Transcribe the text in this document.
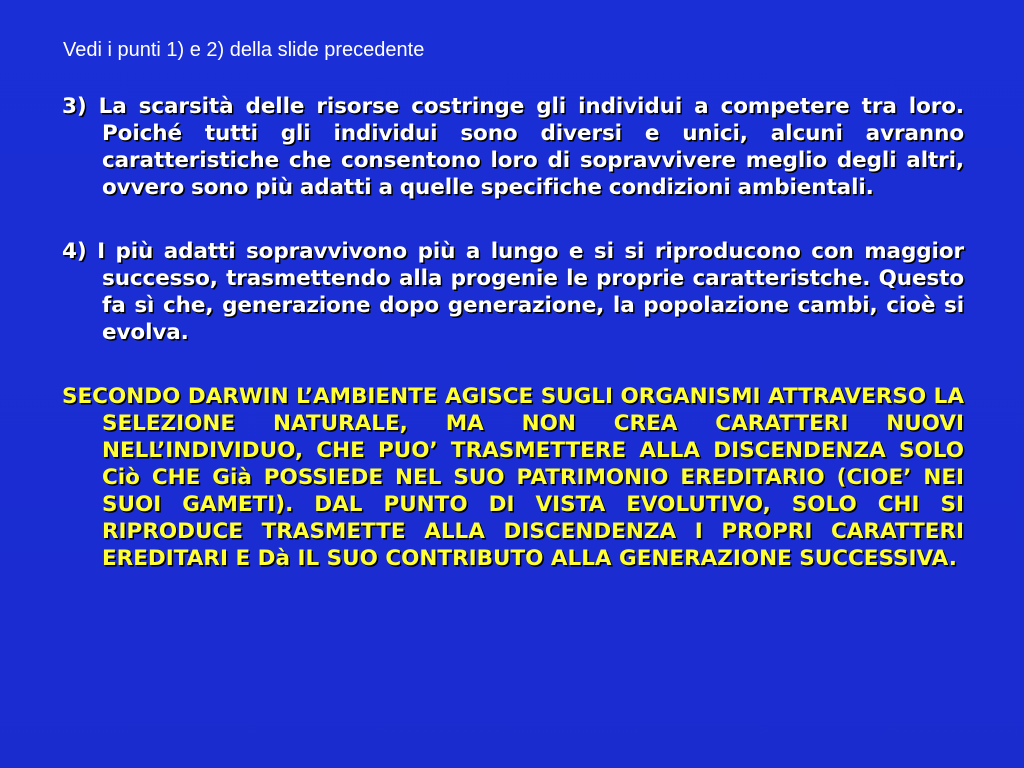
Vedi i punti 1) e 2) della slide precedente

3) La scarsità delle risorse costringe gli individui a competere tra loro. Poiché tutti gli individui sono diversi e unici, alcuni avranno caratteristiche che consentono loro di sopravvivere meglio degli altri, ovvero sono più adatti a quelle specifiche condizioni ambientali.

4) I più adatti sopravvivono più a lungo e si si riproducono con maggior successo, trasmettendo alla progenie le proprie caratteristche. Questo fa sì che, generazione dopo generazione, la popolazione cambi, cioè si evolva.

SECONDO DARWIN L’AMBIENTE AGISCE SUGLI ORGANISMI ATTRAVERSO LA SELEZIONE NATURALE, MA NON CREA CARATTERI NUOVI NELL’INDIVIDUO, CHE PUO’ TRASMETTERE ALLA DISCENDENZA SOLO Ciò CHE Già POSSIEDE NEL SUO PATRIMONIO EREDITARIO (CIOE’ NEI SUOI GAMETI). DAL PUNTO DI VISTA EVOLUTIVO, SOLO CHI SI RIPRODUCE TRASMETTE ALLA DISCENDENZA I PROPRI CARATTERI EREDITARI E Dà IL SUO CONTRIBUTO ALLA GENERAZIONE SUCCESSIVA.
